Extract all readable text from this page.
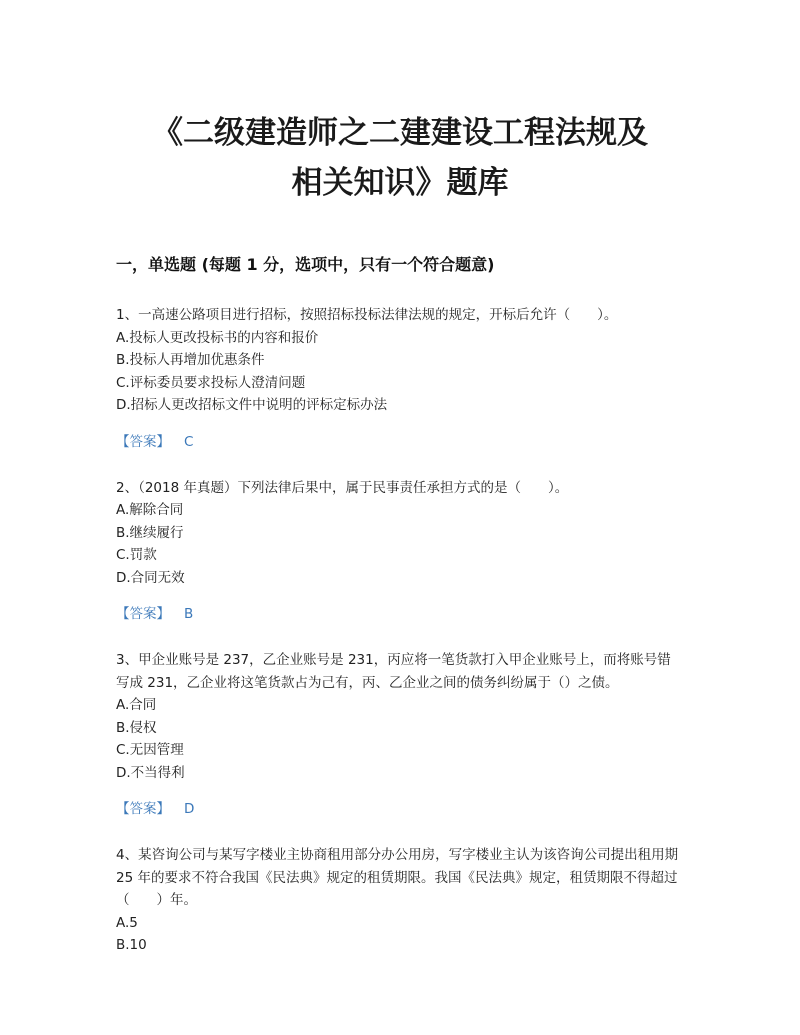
《二级建造师之二建建设工程法规及
相关知识》题库
一，单选题 (每题 1 分，选项中，只有一个符合题意)
1、一高速公路项目进行招标，按照招标投标法律法规的规定，开标后允许（　　）。
A.投标人更改投标书的内容和报价
B.投标人再增加优惠条件
C.评标委员要求投标人澄清问题
D.招标人更改招标文件中说明的评标定标办法
【答案】 C
2、（2018 年真题）下列法律后果中，属于民事责任承担方式的是（　　）。
A.解除合同
B.继续履行
C.罚款
D.合同无效
【答案】 B
3、甲企业账号是 237，乙企业账号是 231，丙应将一笔货款打入甲企业账号上，而将账号错写成 231，乙企业将这笔货款占为己有，丙、乙企业之间的债务纠纷属于（）之债。
A.合同
B.侵权
C.无因管理
D.不当得利
【答案】 D
4、某咨询公司与某写字楼业主协商租用部分办公用房，写字楼业主认为该咨询公司提出租用期 25 年的要求不符合我国《民法典》规定的租赁期限。我国《民法典》规定，租赁期限不得超过（　　）年。
A.5
B.10
